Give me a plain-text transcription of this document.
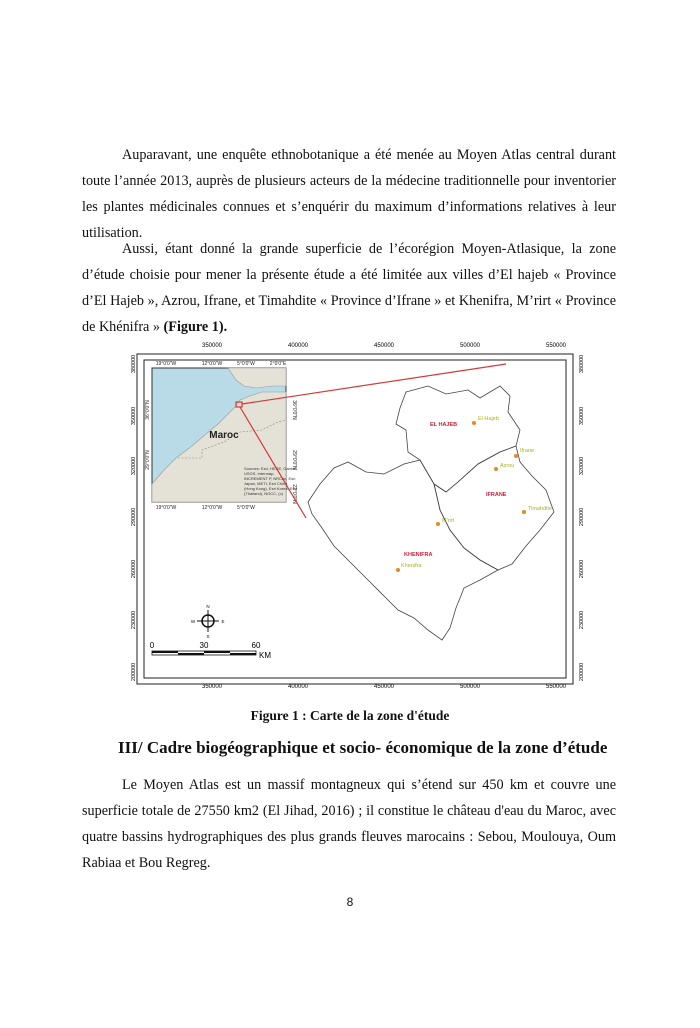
Auparavant, une enquête ethnobotanique a été menée au Moyen Atlas central durant toute l’année 2013, auprès de plusieurs acteurs de la médecine traditionnelle pour inventorier les plantes médicinales connues et s’enquérir du maximum d’informations relatives à leur utilisation.

Aussi, étant donné la grande superficie de l’écorégion Moyen-Atlasique, la zone d’étude choisie pour mener la présente étude a été limitée aux villes d’El hajeb « Province d’El Hajeb », Azrou, Ifrane, et Timahdite « Province d’Ifrane » et Khenifra, M’rirt « Province de Khénifra » (Figure 1).

350000	400000	450000	500000	550000
350000	400000	450000	500000	550000
380000
350000
320000
290000
260000
230000
200000
380000
350000
320000
290000
260000
230000
200000
Maroc
Sources: Esri, HERE, Garmin,
USGS, Intermap,
INCREMENT P, NRCan, Esri
Japan, METI, Esri China
(Hong Kong), Esri Korea, Esri
(Thailand), NGCC, (c)
19°0'0"W	12°0'0"W	5°0'0"W	2°0'0"E
19°0'0"W	12°0'0"W	5°0'0"W
36°0'0"N
29°0'0"N
36°0'0"N
29°0'0"N
22°0'0"N
EL HAJEB
IFRANE
KHENIFRA
El Hajeb
Ifrane
Azrou
Timahdite
M'rirt
Khenifra
N
S
E
W
0	30	60
KM
Figure 1 : Carte de la zone d'étude
III/ Cadre biogéographique et socio- économique de la zone d’étude

Le Moyen Atlas est un massif montagneux qui s’étend sur 450 km et couvre une superficie totale de 27550 km2 (El Jihad, 2016) ; il constitue le château d'eau du Maroc, avec quatre bassins hydrographiques des plus grands fleuves marocains : Sebou, Moulouya, Oum Rabiaa et Bou Regreg.

8
